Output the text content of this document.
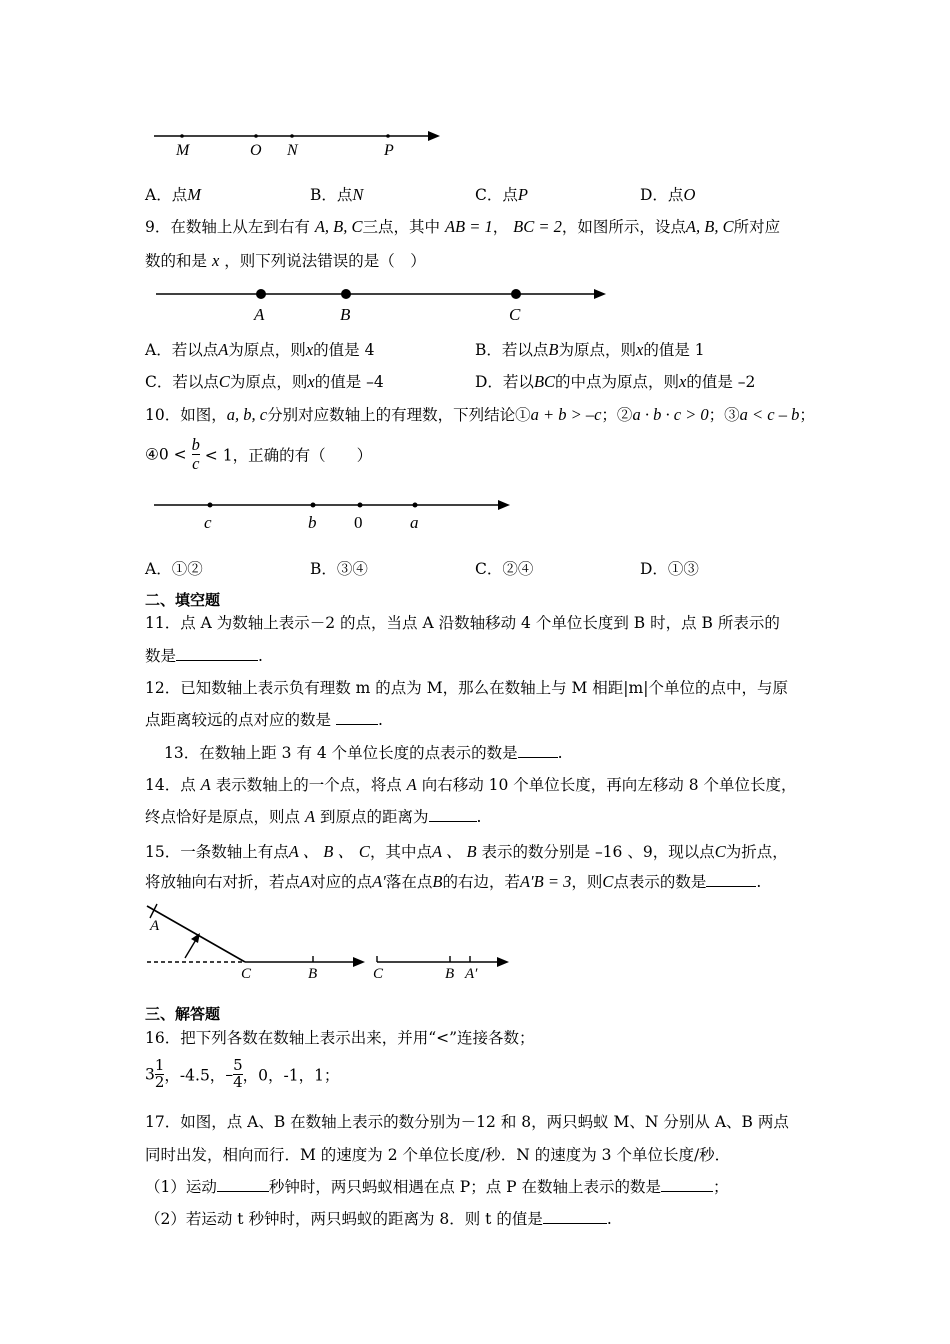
M	O N	P
A．点M	B．点N	C．点P	D．点O
9．在数轴上从左到右有 A, B, C三点，其中 AB = 1， BC = 2，如图所示，设点A, B, C所对应
数的和是 x ，则下列说法错误的是（　）
A	B	C
A．若以点A为原点，则x的值是 4	B．若以点B为原点，则x的值是 1
C．若以点C为原点，则x的值是 –4	D．若以BC的中点为原点，则x的值是 –2
10．如图，a, b, c分别对应数轴上的有理数，下列结论①a + b > –c；②a · b · c > 0；③a < c – b；
④0 < $\frac{b}{c} < 1$，正确的有（　　）
c	b 0	a
A．①②	B．③④	C．②④	D．①③
二、填空题
11．点 A 为数轴上表示－2 的点，当点 A 沿数轴移动 4 个单位长度到 B 时，点 B 所表示的
数是	.
12．已知数轴上表示负有理数 m 的点为 M，那么在数轴上与 M 相距|m|个单位的点中，与原
点距离较远的点对应的数是	.
13．在数轴上距 3 有 4 个单位长度的点表示的数是	.
14．点 A 表示数轴上的一个点，将点 A 向右移动 10 个单位长度，再向左移动 8 个单位长度，
终点恰好是原点，则点 A 到原点的距离为	.
15．一条数轴上有点A 、 B 、 C，其中点A 、 B 表示的数分别是 –16 、9，现以点C为折点，
将放轴向右对折，若点A对应的点A′落在点B的右边，若A′B = 3，则C点表示的数是	.
A
C	B	C	B A′
三、解答题
16．把下列各数在数轴上表示出来，并用“<”连接各数；
$3 \frac{1}{2}$ ，-4.5，– $\frac{5}{4}$ ，0，-1，1；
17．如图，点 A、B 在数轴上表示的数分别为－12 和 8，两只蚂蚁 M、N 分别从 A、B 两点
同时出发，相向而行．M 的速度为 2 个单位长度/秒．N 的速度为 3 个单位长度/秒．
（1）运动	秒钟时，两只蚂蚁相遇在点 P；点 P 在数轴上表示的数是	；
（2）若运动 t 秒钟时，两只蚂蚁的距离为 8．则 t 的值是	.
